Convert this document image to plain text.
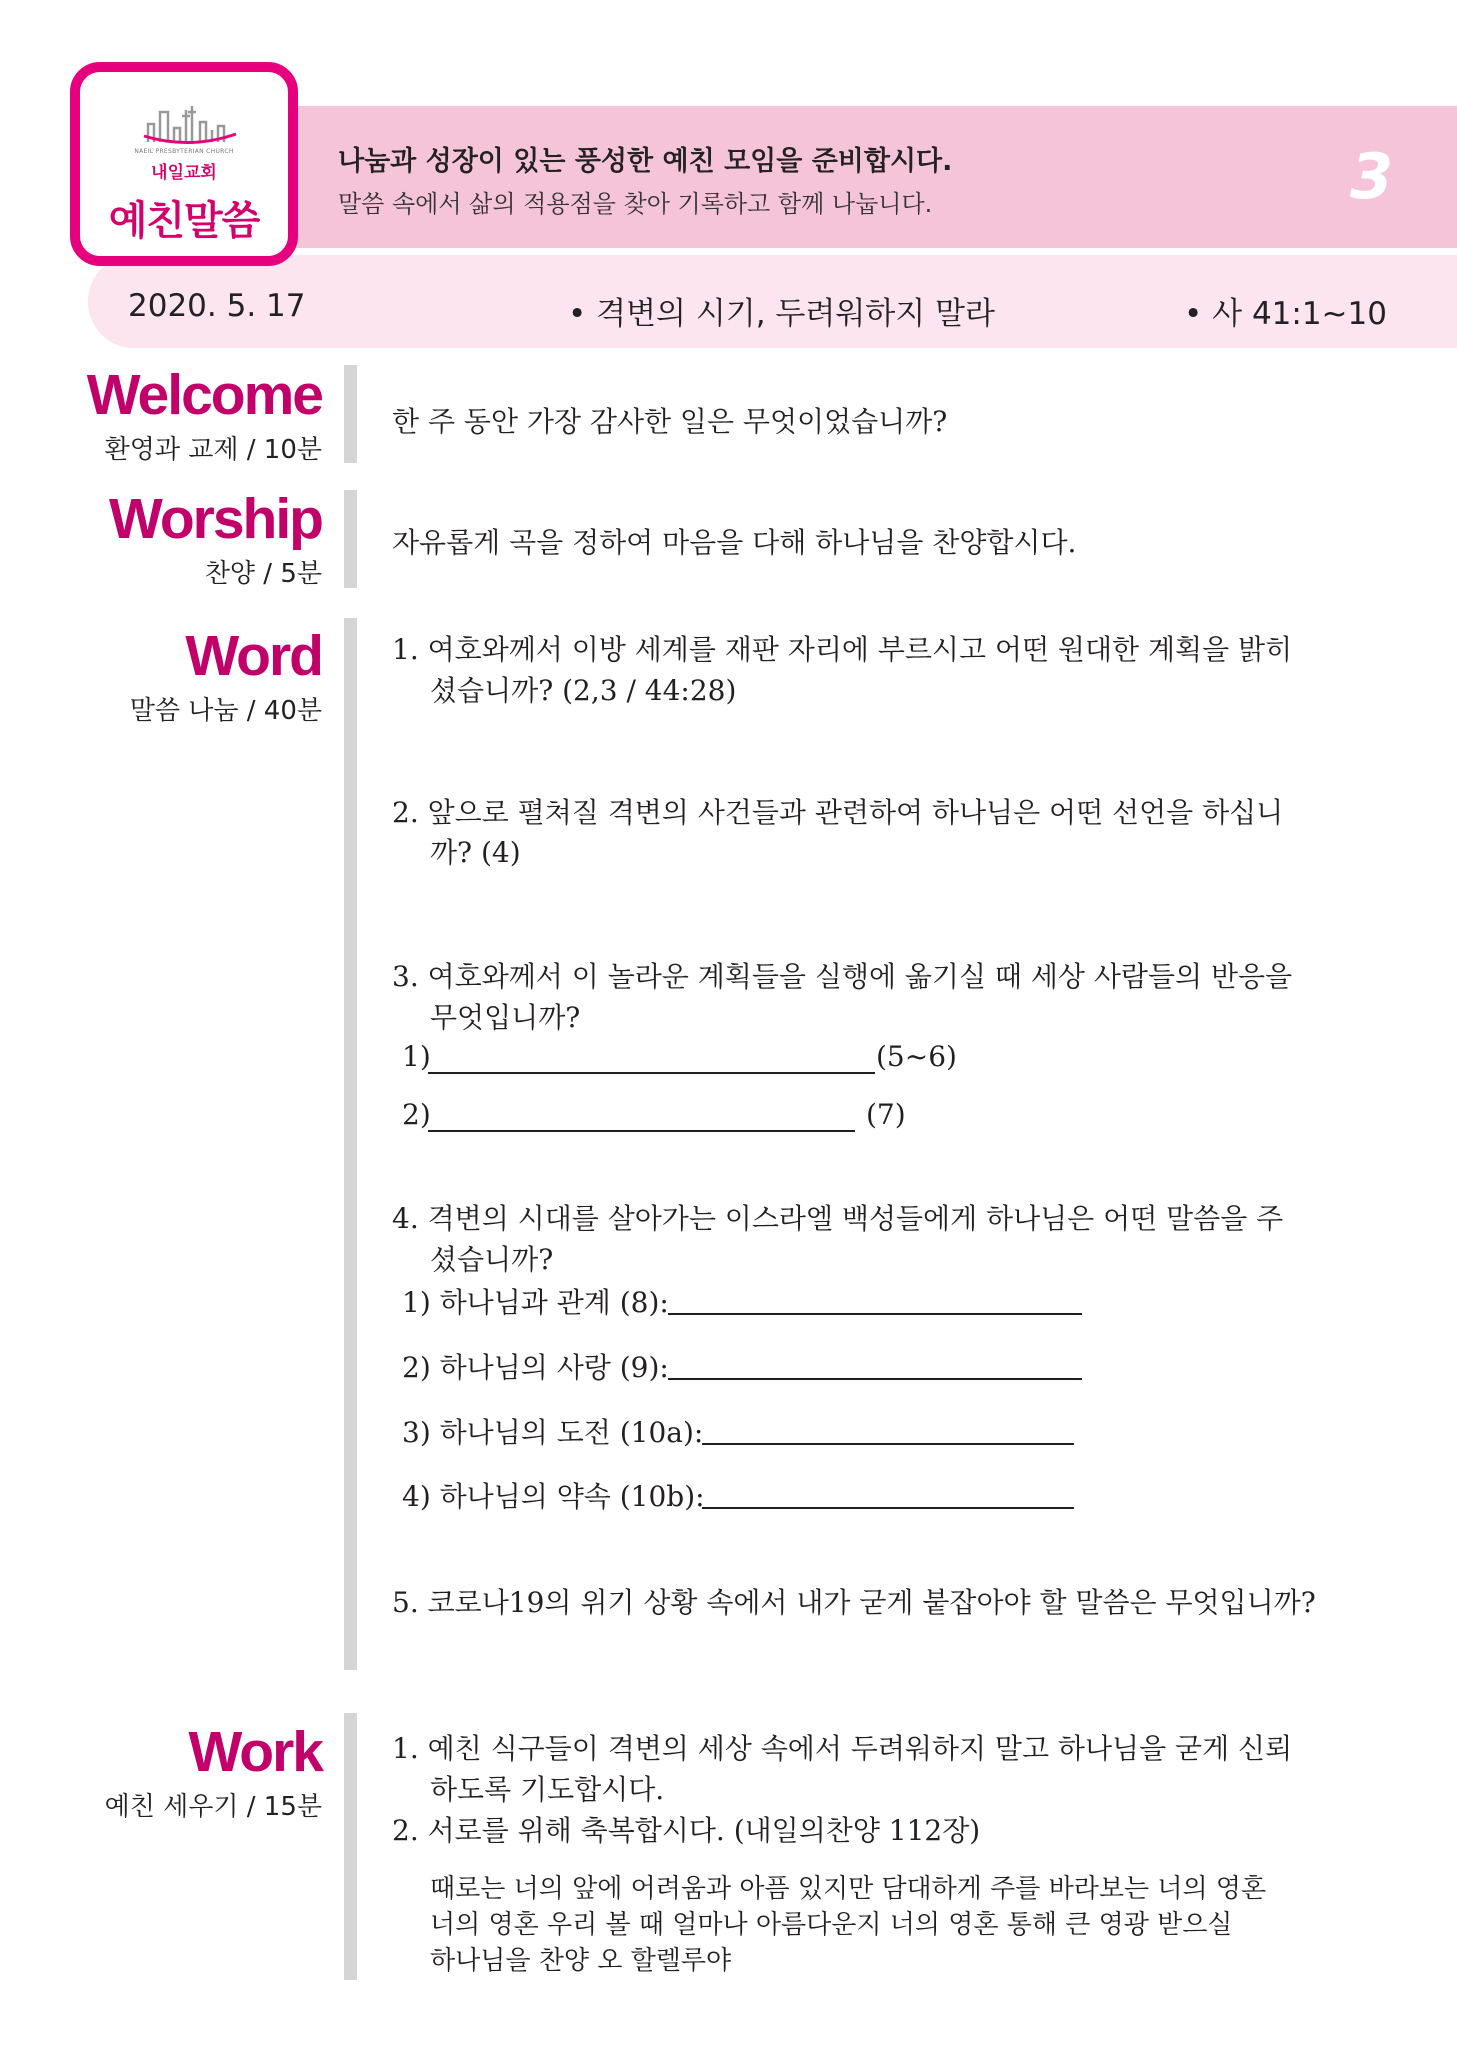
NAEIL PRESBYTERIAN CHURCH
내일교회
예친말씀
나눔과 성장이 있는 풍성한 예친 모임을 준비합시다.
말씀 속에서 삶의 적용점을 찾아 기록하고 함께 나눕니다.	3
2020. 5. 17	• 격변의 시기, 두려워하지 말라	• 사 41:1~10
Welcome
환영과 교제 / 10분
한 주 동안 가장 감사한 일은 무엇이었습니까?
Worship
찬양 / 5분
자유롭게 곡을 정하여 마음을 다해 하나님을 찬양합시다.
Word
말씀 나눔 / 40분
1. 여호와께서 이방 세계를 재판 자리에 부르시고 어떤 원대한 계획을 밝히
셨습니까? (2,3 / 44:28)
2. 앞으로 펼쳐질 격변의 사건들과 관련하여 하나님은 어떤 선언을 하십니
까? (4)
3. 여호와께서 이 놀라운 계획들을 실행에 옮기실 때 세상 사람들의 반응을
무엇입니까?
1)	(5~6)
2)	(7)
4. 격변의 시대를 살아가는 이스라엘 백성들에게 하나님은 어떤 말씀을 주
셨습니까?
1) 하나님과 관계 (8):
2) 하나님의 사랑 (9):
3) 하나님의 도전 (10a):
4) 하나님의 약속 (10b):
5. 코로나19의 위기 상황 속에서 내가 굳게 붙잡아야 할 말씀은 무엇입니까?
Work
예친 세우기 / 15분
1. 예친 식구들이 격변의 세상 속에서 두려워하지 말고 하나님을 굳게 신뢰
하도록 기도합시다.
2. 서로를 위해 축복합시다. (내일의찬양 112장)
때로는 너의 앞에 어려움과 아픔 있지만 담대하게 주를 바라보는 너의 영혼
너의 영혼 우리 볼 때 얼마나 아름다운지 너의 영혼 통해 큰 영광 받으실
하나님을 찬양 오 할렐루야
